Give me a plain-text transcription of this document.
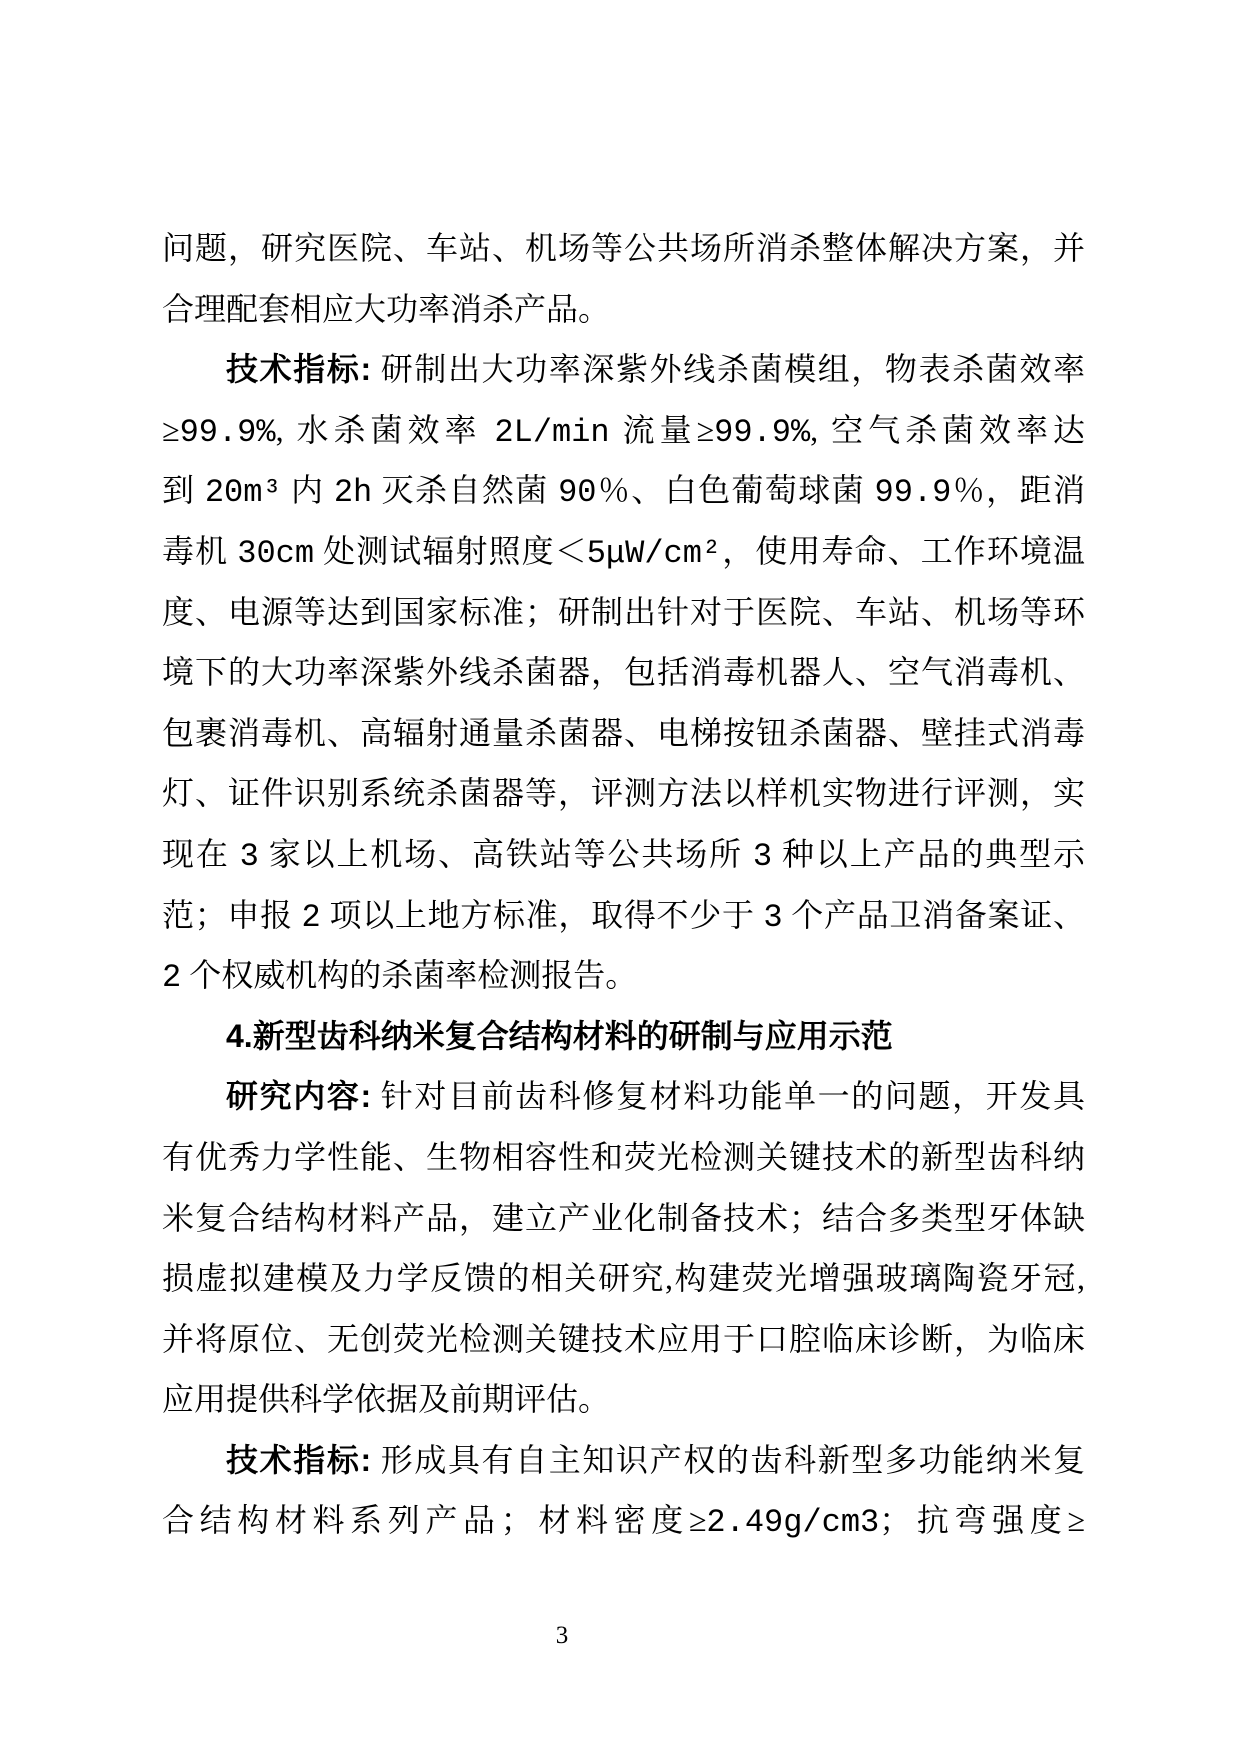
问题，研究医院、车站、机场等公共场所消杀整体解决方案，并
合理配套相应大功率消杀产品。
技术指标: 研制出大功率深紫外线杀菌模组，物表杀菌效率
≥99.9%, 水杀菌效率 2L/min 流量≥99.9%, 空气杀菌效率达
到 20m³ 内 2h 灭杀自然菌 90％、白色葡萄球菌 99.9％，距消
毒机 30cm 处测试辐射照度＜5μW/cm²，使用寿命、工作环境温
度、电源等达到国家标准；研制出针对于医院、车站、机场等环
境下的大功率深紫外线杀菌器，包括消毒机器人、空气消毒机、
包裹消毒机、高辐射通量杀菌器、电梯按钮杀菌器、壁挂式消毒
灯、证件识别系统杀菌器等，评测方法以样机实物进行评测，实
现在 3 家以上机场、高铁站等公共场所 3 种以上产品的典型示
范；申报 2 项以上地方标准，取得不少于 3 个产品卫消备案证、
2 个权威机构的杀菌率检测报告。
4.新型齿科纳米复合结构材料的研制与应用示范
研究内容: 针对目前齿科修复材料功能单一的问题，开发具
有优秀力学性能、生物相容性和荧光检测关键技术的新型齿科纳
米复合结构材料产品，建立产业化制备技术；结合多类型牙体缺
损虚拟建模及力学反馈的相关研究,构建荧光增强玻璃陶瓷牙冠,
并将原位、无创荧光检测关键技术应用于口腔临床诊断，为临床
应用提供科学依据及前期评估。
技术指标: 形成具有自主知识产权的齿科新型多功能纳米复
合结构材料系列产品；材料密度≥2.49g/cm3；抗弯强度≥
3
